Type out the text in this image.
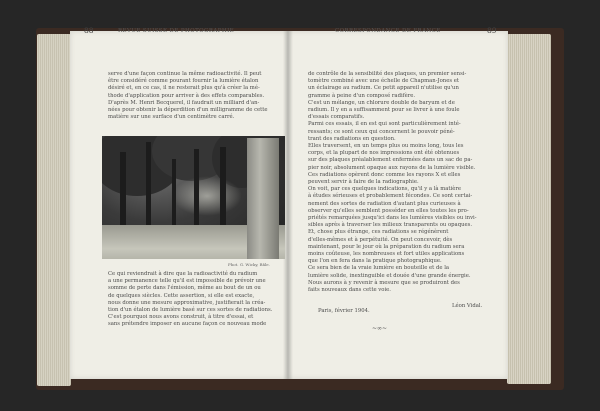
88	REVUE SUISSE DE PHOTOGRAPHIE

serve d'une façon continue la même radioactivité. Il peut

être considéré comme pourant fournir la lumière étalon

désiré et, en ce cas, il ne resterait plus qu'à créer la mé-

thode d'application pour arriver à des effets comparables.

D'après M. Henri Becquerel, il faudrait un milliard d'an-

nées pour obtenir la déperdition d'un milligramme de cette

matière sur une surface d'un centimètre carré.

Phot. G. Wicky, Bâle.

Ce qui reviendrait à dire que la radioactivité du radium

a une permanence telle qu'il est impossible de prévoir une

somme de perte dans l'émission, même au bout de un ou

de quelques siècles. Cette assertion, si elle est exacte,

nous donne une mesure approximative, justifierait la créa-

tion d'un étalon de lumière basé sur ces sortes de radiations.

C'est pourquoi nous avons construit, à titre d'essai, et

sans prétendre imposer en aucune façon ce nouveau mode

CORRESPONDANCE DE FRANCE	89

de contrôle de la sensibilité des plaques, un premier sensi-

tomètre combiné avec une échelle de Chapman-Jones et

un éclairage au radium. Ce petit appareil n'utilise qu'un

gramme à peine d'un composé radifère.

C'est un mélange, un chlorure double de baryum et de

radium. Il y en a suffisamment pour se livrer à une foule

d'essais comparatifs.

Parmi ces essais, il en est qui sont particulièrement inté-

ressants; ce sont ceux qui concernent le pouvoir péné-

trant des radiations en question.

Elles traversent, en un temps plus ou moins long, tous les

corps, et la plupart de nos impressions ont été obtenues

sur des plaques préalablement enfermées dans un sac de pa-

pier noir, absolument opaque aux rayons de la lumière visible.

Ces radiations opèrent donc comme les rayons X et elles

peuvent servir à faire de la radiographie.

On voit, par ces quelques indications, qu'il y a là matière

à études sérieuses et probablement fécondes. Ce sont certai-

nement des sortes de radiation d'autant plus curieuses à

observer qu'elles semblent posséder en elles toutes les pro-

priétés remarquées jusqu'ici dans les lumières visibles ou invi-

sibles après à traverser les milieux transparents ou opaques.

Et, chose plus étrange, ces radiations se régénèrent

d'elles-mêmes et à perpétuité. On peut concevoir, dès

maintenant, pour le jour où la préparation du radium sera

moins coûteuse, les nombreuses et fort utiles applications

que l'on en fera dans la pratique photographique.

Ce sera bien de la vraie lumière en bouteille et de la

lumière solide, inextinguible et douée d'une grande énergie.

Nous aurons à y revenir à mesure que se produiront des

faits nouveaux dans cette voie.

Paris, février 1904.
Léon Vidal.
~∞~
